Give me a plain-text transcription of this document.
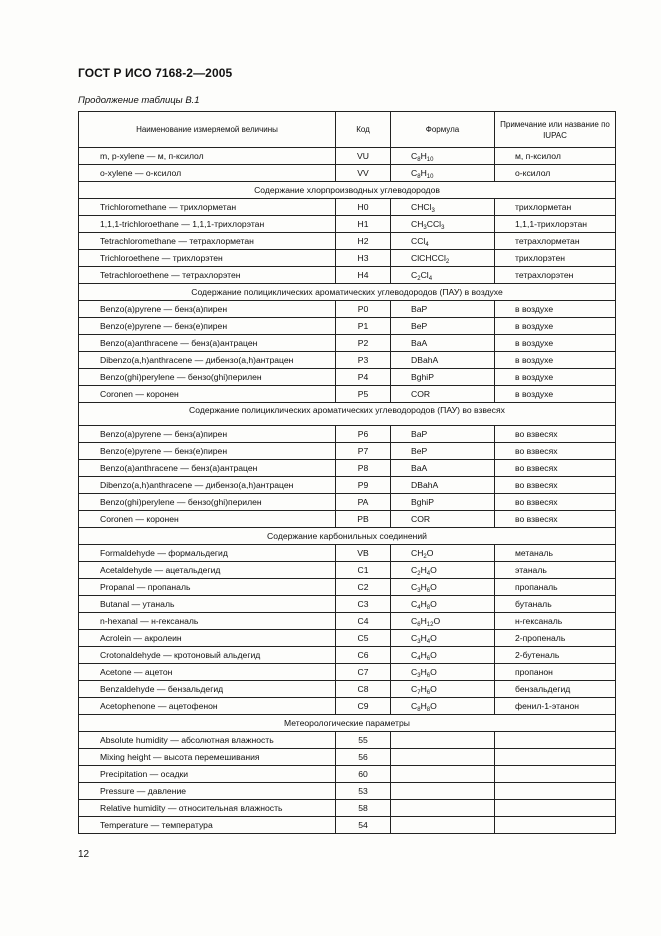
ГОСТ Р ИСО 7168-2—2005
Продолжение таблицы В.1
Наименование измеряемой величины	Код	Формула	Примечание или название по IUPAC
m, p-xylene — м, п-ксилол	VU	$C_8H_{10}$	м, п-ксилол
o-xylene — о-ксилол	VV	$C_8H_{10}$	о-ксилол
Содержание хлорпроизводных углеводородов			
Trichloromethane — трихлорметан	H0	CHCl$_3$	трихлорметан
1,1,1-trichloroethane — 1,1,1-трихлорэтан	H1	$CH_3CCl_3$	1,1,1-трихлорэтан
Tetrachloromethane — тетрахлорметан	H2	CCl$_4$	тетрахлорметан
Trichloroethene — трихлорэтен	H3	ClCHCCl$_2$	трихлорэтен
Tetrachloroethene — тетрахлорэтен	H4	$C_2Cl_4$	тетрахлорэтен
Содержание полициклических ароматических углеводородов (ПАУ) в воздухе			
Benzo(a)pyrene — бенз(а)пирен	P0	BaP	в воздухе
Benzo(e)pyrene — бенз(е)пирен	P1	BeP	в воздухе
Benzo(a)anthracene — бенз(а)антрацен	P2	BaA	в воздухе
Dibenzo(a,h)anthracene — дибензо(а,h)антрацен	P3	DBahA	в воздухе
Benzo(ghi)perylene — бензо(ghi)перилен	P4	BghiP	в воздухе
Coronen — коронен	P5	COR	в воздухе
Содержание полициклических ароматических углеводородов (ПАУ) во взвесях			
Benzo(a)pyrene — бенз(а)пирен	P6	BaP	во взвесях
Benzo(e)pyrene — бенз(е)пирен	P7	BeP	во взвесях
Benzo(a)anthracene — бенз(а)антрацен	P8	BaA	во взвесях
Dibenzo(a,h)anthracene — дибензо(а,h)антрацен	P9	DBahA	во взвесях
Benzo(ghi)perylene — бензо(ghi)перилен	PA	BghiP	во взвесях
Coronen — коронен	PB	COR	во взвесях
Содержание карбонильных соединений			
Formaldehyde — формальдегид	VB	$CH_2O$	метаналь
Acetaldehyde — ацетальдегид	C1	$C_2H_4O$	этаналь
Propanal — пропаналь	C2	$C_3H_6O$	пропаналь
Butanal — утаналь	C3	$C_4H_8O$	бутаналь
n-hexanal — н-гексаналь	C4	$C_6H_{12}O$	н-гексаналь
Acrolein — акролеин	C5	$C_3H_4O$	2-пропеналь
Crotonaldehyde — кротоновый альдегид	C6	$C_4H_6O$	2-бутеналь
Acetone — ацетон	C7	$C_3H_6O$	пропанон
Benzaldehyde — бензальдегид	C8	$C_7H_6O$	бензальдегид
Acetophenone — ацетофенон	C9	$C_8H_8O$	фенил-1-этанон
Метеорологические параметры			
Absolute humidity — абсолютная влажность	55		
Mixing height — высота перемешивания	56		
Precipitation — осадки	60		
Pressure — давление	53		
Relative humidity — относительная влажность	58		
Temperature — температура	54		
12
